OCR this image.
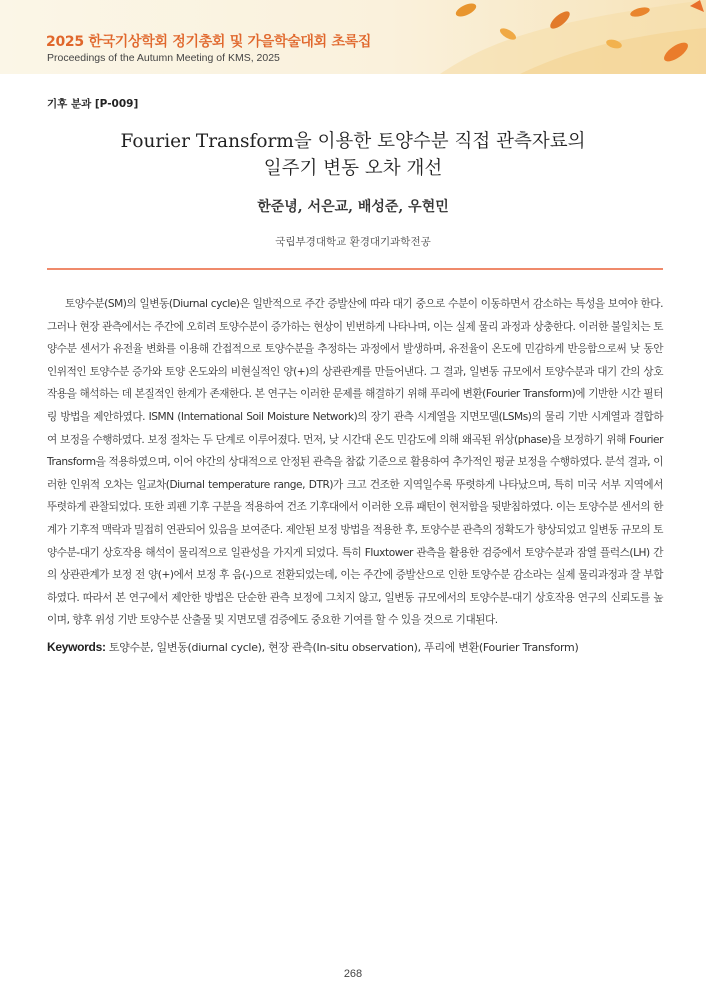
2025 한국기상학회 정기총회 및 가을학술대회 초록집
Proceedings of the Autumn Meeting of KMS, 2025
기후 분과 [P-009]
Fourier Transform을 이용한 토양수분 직접 관측자료의
일주기 변동 오차 개선
한준녕, 서은교, 배성준, 우현민
국립부경대학교 환경대기과학전공

토양수분(SM)의 일변동(Diurnal cycle)은 일반적으로 주간 증발산에 따라 대기 중으로 수분이 이동하면서 감소하는 특성을 보여야 한다. 그러나 현장 관측에서는 주간에 오히려 토양수분이 증가하는 현상이 빈번하게 나타나며, 이는 실제 물리 과정과 상충한다. 이러한 불일치는 토양수분 센서가 유전율 변화를 이용해 간접적으로 토양수분을 추정하는 과정에서 발생하며, 유전율이 온도에 민감하게 반응함으로써 낮 동안 인위적인 토양수분 증가와 토양 온도와의 비현실적인 양(+)의 상관관계를 만들어낸다. 그 결과, 일변동 규모에서 토양수분과 대기 간의 상호작용을 해석하는 데 본질적인 한계가 존재한다. 본 연구는 이러한 문제를 해결하기 위해 푸리에 변환(Fourier Transform)에 기반한 시간 필터링 방법을 제안하였다. ISMN (International Soil Moisture Network)의 장기 관측 시계열을 지면모델(LSMs)의 물리 기반 시계열과 결합하여 보정을 수행하였다. 보정 절차는 두 단계로 이루어졌다. 먼저, 낮 시간대 온도 민감도에 의해 왜곡된 위상(phase)을 보정하기 위해 Fourier Transform을 적용하였으며, 이어 야간의 상대적으로 안정된 관측을 참값 기준으로 활용하여 추가적인 평균 보정을 수행하였다. 분석 결과, 이러한 인위적 오차는 일교차(Diurnal temperature range, DTR)가 크고 건조한 지역일수록 뚜렷하게 나타났으며, 특히 미국 서부 지역에서 뚜렷하게 관찰되었다. 또한 쾨펜 기후 구분을 적용하여 건조 기후대에서 이러한 오류 패턴이 현저함을 뒷받침하였다. 이는 토양수분 센서의 한계가 기후적 맥락과 밀접히 연관되어 있음을 보여준다. 제안된 보정 방법을 적용한 후, 토양수분 관측의 정확도가 향상되었고 일변동 규모의 토양수분-대기 상호작용 해석이 물리적으로 일관성을 가지게 되었다. 특히 Fluxtower 관측을 활용한 검증에서 토양수분과 잠열 플럭스(LH) 간의 상관관계가 보정 전 양(+)에서 보정 후 음(-)으로 전환되었는데, 이는 주간에 증발산으로 인한 토양수분 감소라는 실제 물리과정과 잘 부합하였다. 따라서 본 연구에서 제안한 방법은 단순한 관측 보정에 그치지 않고, 일변동 규모에서의 토양수분-대기 상호작용 연구의 신뢰도를 높이며, 향후 위성 기반 토양수분 산출물 및 지면모델 검증에도 중요한 기여를 할 수 있을 것으로 기대된다.

Keywords: 토양수분, 일변동(diurnal cycle), 현장 관측(In-situ observation), 푸리에 변환(Fourier Transform)
268
